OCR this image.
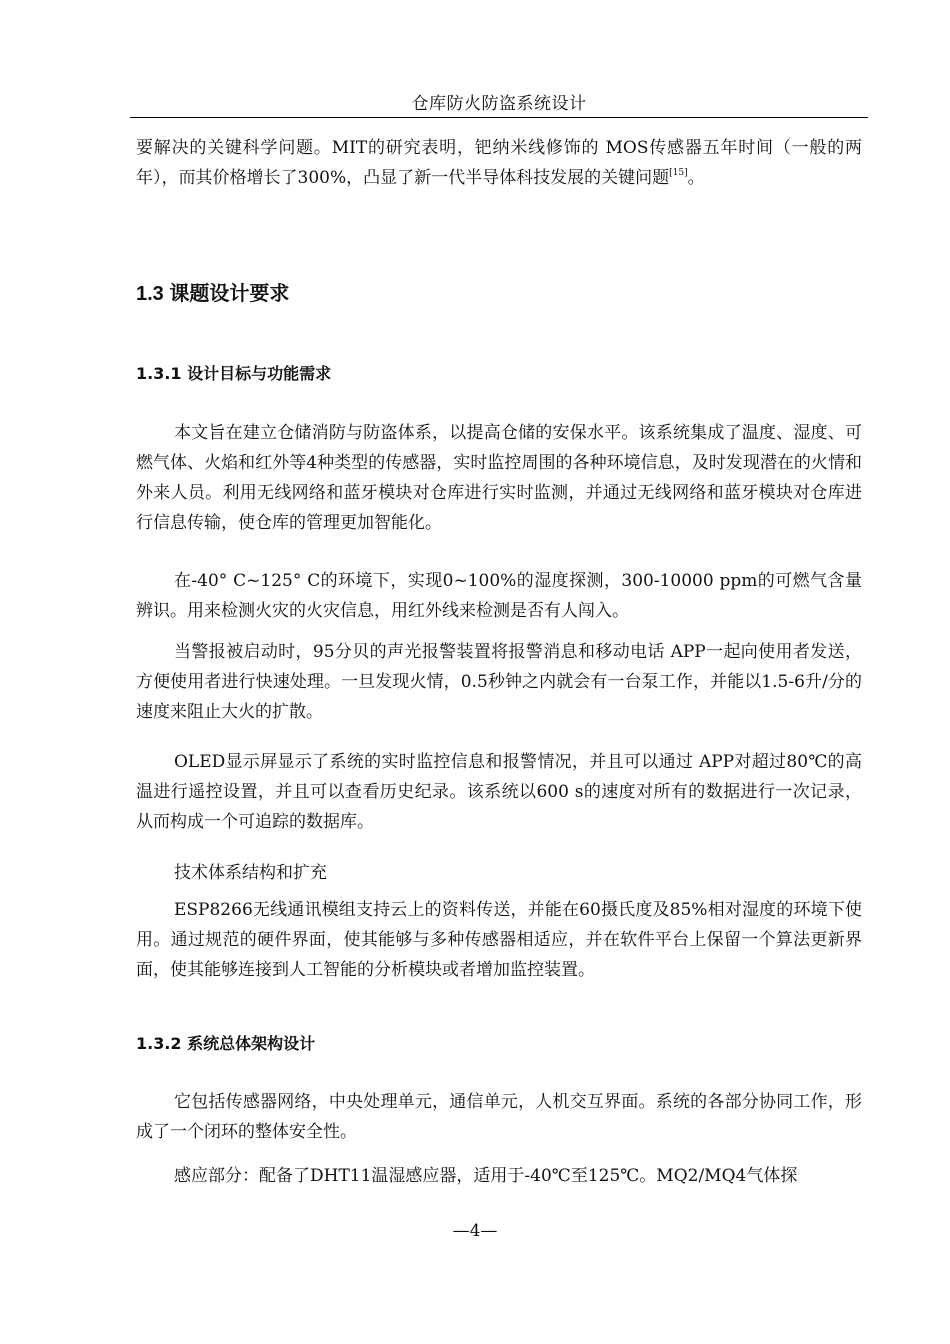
仓库防火防盗系统设计

要解决的关键科学问题。MIT的研究表明，钯纳米线修饰的 MOS传感器五年时间（一般的两年），而其价格增长了300%，凸显了新一代半导体科技发展的关键问题[15]。

1.3 课题设计要求
1.3.1 设计目标与功能需求

本文旨在建立仓储消防与防盗体系，以提高仓储的安保水平。该系统集成了温度、湿度、可燃气体、火焰和红外等4种类型的传感器，实时监控周围的各种环境信息，及时发现潜在的火情和外来人员。利用无线网络和蓝牙模块对仓库进行实时监测，并通过无线网络和蓝牙模块对仓库进行信息传输，使仓库的管理更加智能化。

在-40° C~125° C的环境下，实现0~100%的湿度探测，300-10000 ppm的可燃气含量辨识。用来检测火灾的火灾信息，用红外线来检测是否有人闯入。

当警报被启动时，95分贝的声光报警装置将报警消息和移动电话 APP一起向使用者发送，方便使用者进行快速处理。一旦发现火情，0.5秒钟之内就会有一台泵工作，并能以1.5-6升/分的速度来阻止大火的扩散。

OLED显示屏显示了系统的实时监控信息和报警情况，并且可以通过 APP对超过80℃的高温进行遥控设置，并且可以查看历史纪录。该系统以600 s的速度对所有的数据进行一次记录，从而构成一个可追踪的数据库。

技术体系结构和扩充

ESP8266无线通讯模组支持云上的资料传送，并能在60摄氏度及85%相对湿度的环境下使用。通过规范的硬件界面，使其能够与多种传感器相适应，并在软件平台上保留一个算法更新界面，使其能够连接到人工智能的分析模块或者增加监控装置。

1.3.2 系统总体架构设计

它包括传感器网络，中央处理单元，通信单元，人机交互界面。系统的各部分协同工作，形成了一个闭环的整体安全性。

感应部分：配备了DHT11温湿感应器，适用于-40℃至125℃。MQ2/MQ4气体探

—4—
